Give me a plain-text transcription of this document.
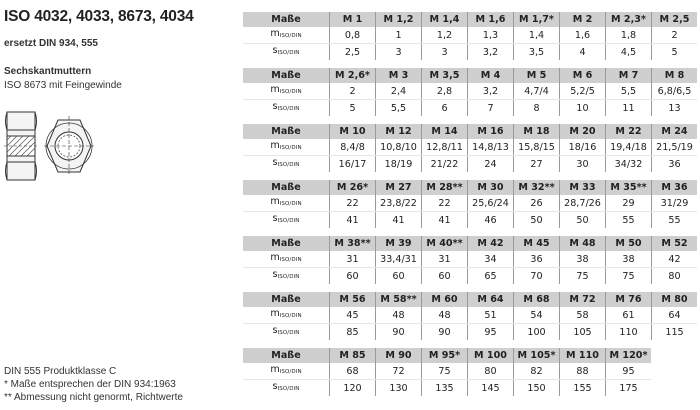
ISO 4032, 4033, 8673, 4034
ersetzt DIN 934, 555
Sechskantmuttern
ISO 8673 mit Feingewinde
DIN 555 Produktklasse C
* Maße entsprechen der DIN 934:1963
** Abmessung nicht genormt, Richtwerte
Maße	M 1	M 1,2	M 1,4	M 1,6	M 1,7*	M 2	M 2,3*	M 2,5
mISO/DIN	0,8	1	1,2	1,3	1,4	1,6	1,8	2
sISO/DIN	2,5	3	3	3,2	3,5	4	4,5	5
Maße	M 2,6*	M 3	M 3,5	M 4	M 5	M 6	M 7	M 8
mISO/DIN	2	2,4	2,8	3,2	4,7/4	5,2/5	5,5	6,8/6,5
sISO/DIN	5	5,5	6	7	8	10	11	13
Maße	M 10	M 12	M 14	M 16	M 18	M 20	M 22	M 24
mISO/DIN	8,4/8	10,8/10	12,8/11	14,8/13	15,8/15	18/16	19,4/18	21,5/19
sISO/DIN	16/17	18/19	21/22	24	27	30	34/32	36
Maße	M 26*	M 27	M 28**	M 30	M 32**	M 33	M 35**	M 36
mISO/DIN	22	23,8/22	22	25,6/24	26	28,7/26	29	31/29
sISO/DIN	41	41	41	46	50	50	55	55
Maße	M 38**	M 39	M 40**	M 42	M 45	M 48	M 50	M 52
mISO/DIN	31	33,4/31	31	34	36	38	38	42
sISO/DIN	60	60	60	65	70	75	75	80
Maße	M 56	M 58**	M 60	M 64	M 68	M 72	M 76	M 80
mISO/DIN	45	48	48	51	54	58	61	64
sISO/DIN	85	90	90	95	100	105	110	115
Maße	M 85	M 90	M 95*	M 100	M 105*	M 110	M 120*
mISO/DIN	68	72	75	80	82	88	95
sISO/DIN	120	130	135	145	150	155	175
